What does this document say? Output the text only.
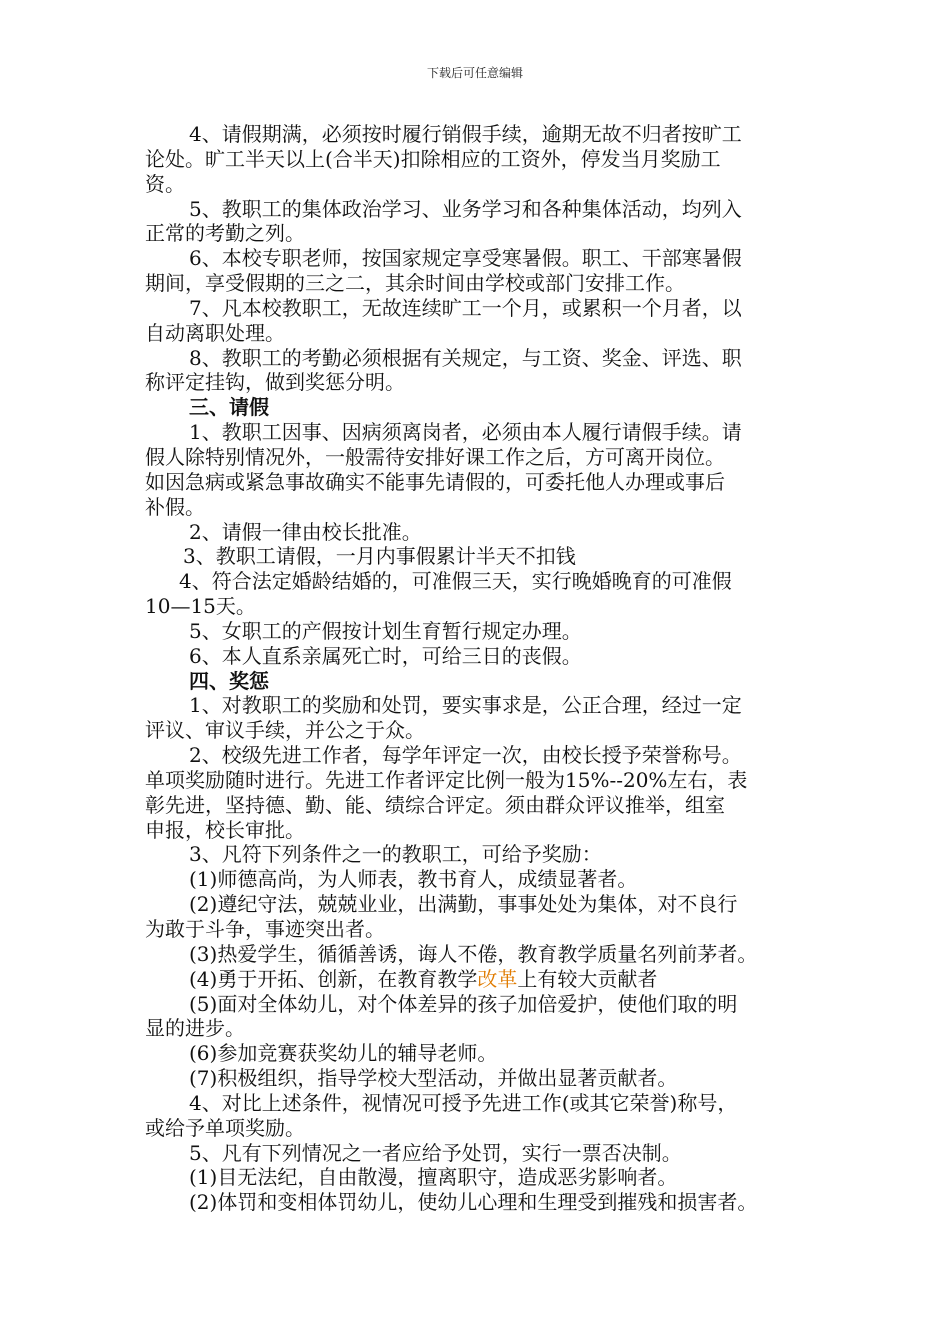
下载后可任意编辑
4、请假期满，必须按时履行销假手续，逾期无故不归者按旷工
论处。旷工半天以上(合半天)扣除相应的工资外，停发当月奖励工
资。
5、教职工的集体政治学习、业务学习和各种集体活动，均列入
正常的考勤之列。
6、本校专职老师，按国家规定享受寒暑假。职工、干部寒暑假
期间，享受假期的三之二，其余时间由学校或部门安排工作。
7、凡本校教职工，无故连续旷工一个月，或累积一个月者，以
自动离职处理。
8、教职工的考勤必须根据有关规定，与工资、奖金、评选、职
称评定挂钩，做到奖惩分明。
三、请假
1、教职工因事、因病须离岗者，必须由本人履行请假手续。请
假人除特别情况外，一般需待安排好课工作之后，方可离开岗位。
如因急病或紧急事故确实不能事先请假的，可委托他人办理或事后
补假。
2、请假一律由校长批准。
3、教职工请假，一月内事假累计半天不扣钱
4、符合法定婚龄结婚的，可准假三天，实行晚婚晚育的可准假
10—15天。
5、女职工的产假按计划生育暂行规定办理。
6、本人直系亲属死亡时，可给三日的丧假。
四、奖惩
1、对教职工的奖励和处罚，要实事求是，公正合理，经过一定
评议、审议手续，并公之于众。
2、校级先进工作者，每学年评定一次，由校长授予荣誉称号。
单项奖励随时进行。先进工作者评定比例一般为15%--20%左右，表
彰先进，坚持德、勤、能、绩综合评定。须由群众评议推举，组室
申报，校长审批。
3、凡符下列条件之一的教职工，可给予奖励：
(1)师德高尚，为人师表，教书育人，成绩显著者。
(2)遵纪守法，兢兢业业，出满勤，事事处处为集体，对不良行
为敢于斗争，事迹突出者。
(3)热爱学生，循循善诱，诲人不倦，教育教学质量名列前茅者。
(4)勇于开拓、创新，在教育教学改革上有较大贡献者
(5)面对全体幼儿，对个体差异的孩子加倍爱护，使他们取的明
显的进步。
(6)参加竞赛获奖幼儿的辅导老师。
(7)积极组织，指导学校大型活动，并做出显著贡献者。
4、对比上述条件，视情况可授予先进工作(或其它荣誉)称号，
或给予单项奖励。
5、凡有下列情况之一者应给予处罚，实行一票否决制。
(1)目无法纪，自由散漫，擅离职守，造成恶劣影响者。
(2)体罚和变相体罚幼儿，使幼儿心理和生理受到摧残和损害者。
